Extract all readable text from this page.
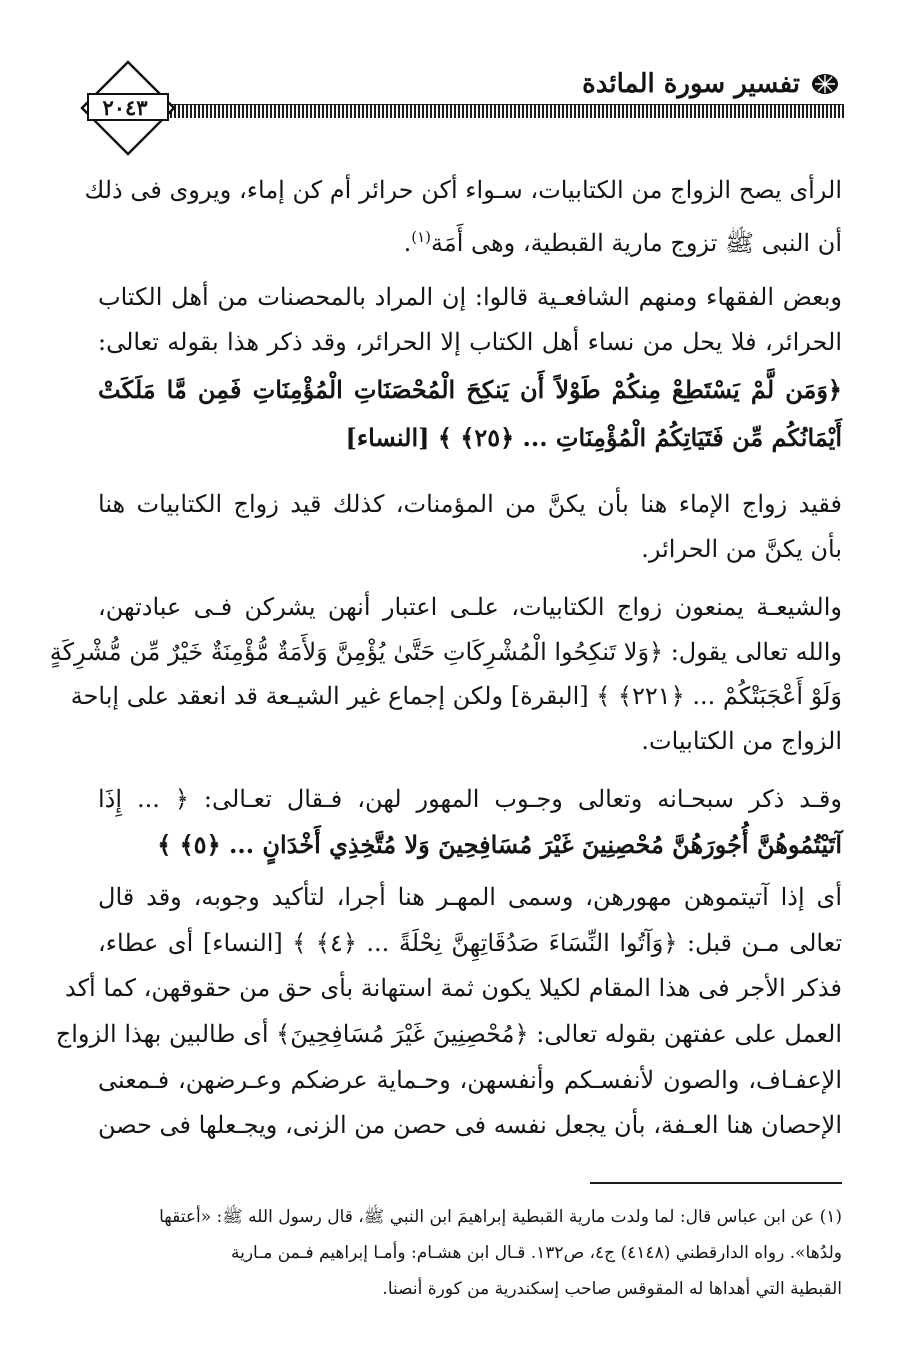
تفسير سورة المائدة
٢٠٤٣
الرأى يصح الزواج من الكتابيات، سـواء أكن حرائر أم كن إماء، ويروى فى ذلك
أن النبى ﷺ تزوج مارية القبطية، وهى أَمَة$^{(١)}$.
وبعض الفقهاء ومنهم الشافعـية قالوا: إن المراد بالمحصنات من أهل الكتاب
الحرائر، فلا يحل من نساء أهل الكتاب إلا الحرائر، وقد ذكر هذا بقوله تعالى:
﴿وَمَن لَّمْ يَسْتَطِعْ مِنكُمْ طَوْلاً أَن يَنكِحَ الْمُحْصَنَاتِ الْمُؤْمِنَاتِ فَمِن مَّا مَلَكَتْ
أَيْمَانُكُم مِّن فَتَيَاتِكُمُ الْمُؤْمِنَاتِ ... ﴿٢٥﴾ ﴾ [النساء]
فقيد زواج الإماء هنا بأن يكنَّ من المؤمنات، كذلك قيد زواج الكتابيات هنا
بأن يكنَّ من الحرائر.
والشيعـة يمنعون زواج الكتابيات، علـى اعتبار أنهن يشركن فـى عبادتهن،
والله تعالى يقول: ﴿وَلا تَنكِحُوا الْمُشْرِكَاتِ حَتَّىٰ يُؤْمِنَّ وَلأَمَةٌ مُّؤْمِنَةٌ خَيْرٌ مِّن مُّشْرِكَةٍ
وَلَوْ أَعْجَبَتْكُمْ ... ﴿٢٢١﴾ ﴾ [البقرة] ولكن إجماع غير الشيـعة قد انعقد على إباحة
الزواج من الكتابيات.
وقـد ذكر سبحـانه وتعالى وجـوب المهور لهن، فـقال تعـالى: ﴿ ... إِذَا
آتَيْتُمُوهُنَّ أُجُورَهُنَّ مُحْصِنِينَ غَيْرَ مُسَافِحِينَ وَلا مُتَّخِذِي أَخْدَانٍ ... ﴿٥﴾ ﴾
أى إذا آتيتموهن مهورهن، وسمى المهـر هنا أجرا، لتأكيد وجوبه، وقد قال
تعالى مـن قبل: ﴿وَآتُوا النِّسَاءَ صَدُقَاتِهِنَّ نِحْلَةً ... ﴿٤﴾ ﴾ [النساء] أى عطاء،
فذكر الأجر فى هذا المقام لكيلا يكون ثمة استهانة بأى حق من حقوقهن، كما أكد
العمل على عفتهن بقوله تعالى: ﴿مُحْصِنِينَ غَيْرَ مُسَافِحِينَ﴾ أى طالبين بهذا الزواج
الإعفـاف، والصون لأنفسـكم وأنفسهن، وحـماية عرضكم وعـرضهن، فـمعنى
الإحصان هنا العـفة، بأن يجعل نفسه فى حصن من الزنى، ويجـعلها فى حصن
(١) عن ابن عباس قال: لما ولدت مارية القبطية إبراهيمَ ابن النبي ﷺ، قال رسول الله ﷺ: «أعتقها
ولدُها». رواه الدارقطني (٤١٤٨) ج٤، ص١٣٢. قـال ابن هشـام: وأمـا إبراهيم فـمن مـارية
القبطية التي أهداها له المقوقس صاحب إسكندرية من كورة أنصنا.
